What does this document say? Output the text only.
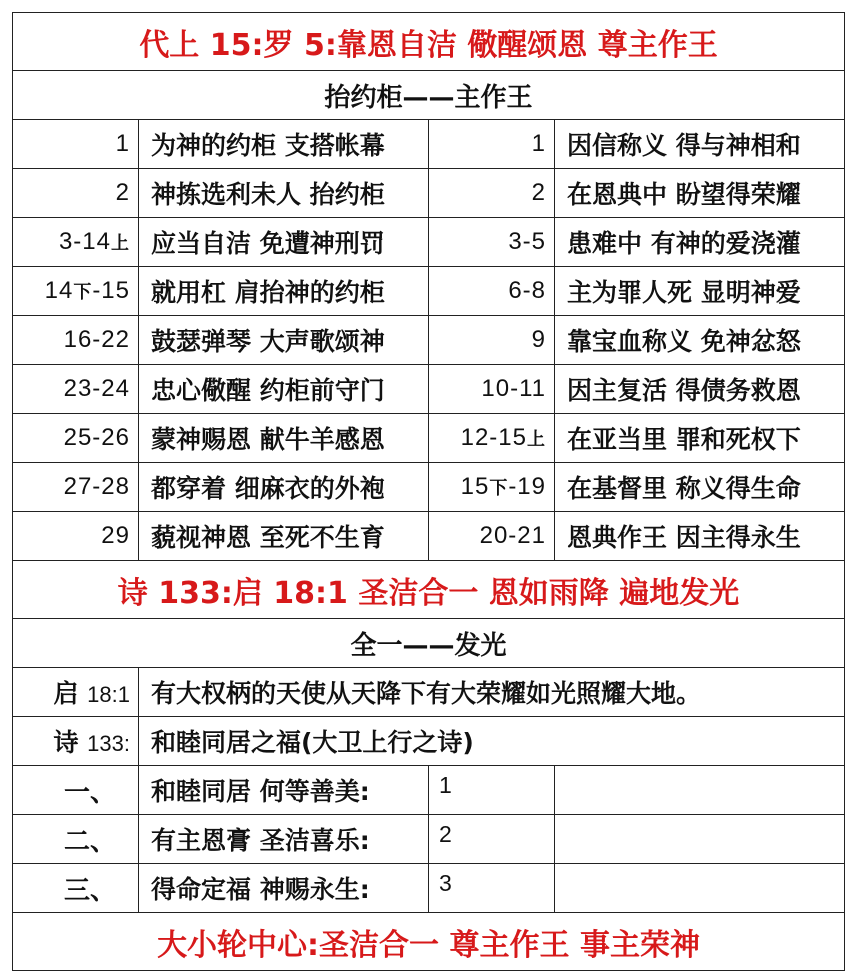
代上 15:罗 5:靠恩自洁 儆醒颂恩 尊主作王			
抬约柜——主作王			
1	为神的约柜 支搭帐幕	1	因信称义 得与神相和
2	神拣选利未人 抬约柜	2	在恩典中 盼望得荣耀
3-14上	应当自洁 免遭神刑罚	3-5	患难中 有神的爱浇灌
14下-15	就用杠 肩抬神的约柜	6-8	主为罪人死 显明神爱
16-22	鼓瑟弹琴 大声歌颂神	9	靠宝血称义 免神忿怒
23-24	忠心儆醒 约柜前守门	10-11	因主复活 得债务救恩
25-26	蒙神赐恩 献牛羊感恩	12-15上	在亚当里 罪和死权下
27-28	都穿着 细麻衣的外袍	15下-19	在基督里 称义得生命
29	藐视神恩 至死不生育	20-21	恩典作王 因主得永生
诗 133:启 18:1 圣洁合一 恩如雨降 遍地发光			
全一——发光			
启 18:1	有大权柄的天使从天降下有大荣耀如光照耀大地。		
诗 133:	和睦同居之福(大卫上行之诗)		
一、	和睦同居 何等善美:	1	
二、	有主恩膏 圣洁喜乐:	2	
三、	得命定福 神赐永生:	3	
大小轮中心:圣洁合一 尊主作王 事主荣神			
